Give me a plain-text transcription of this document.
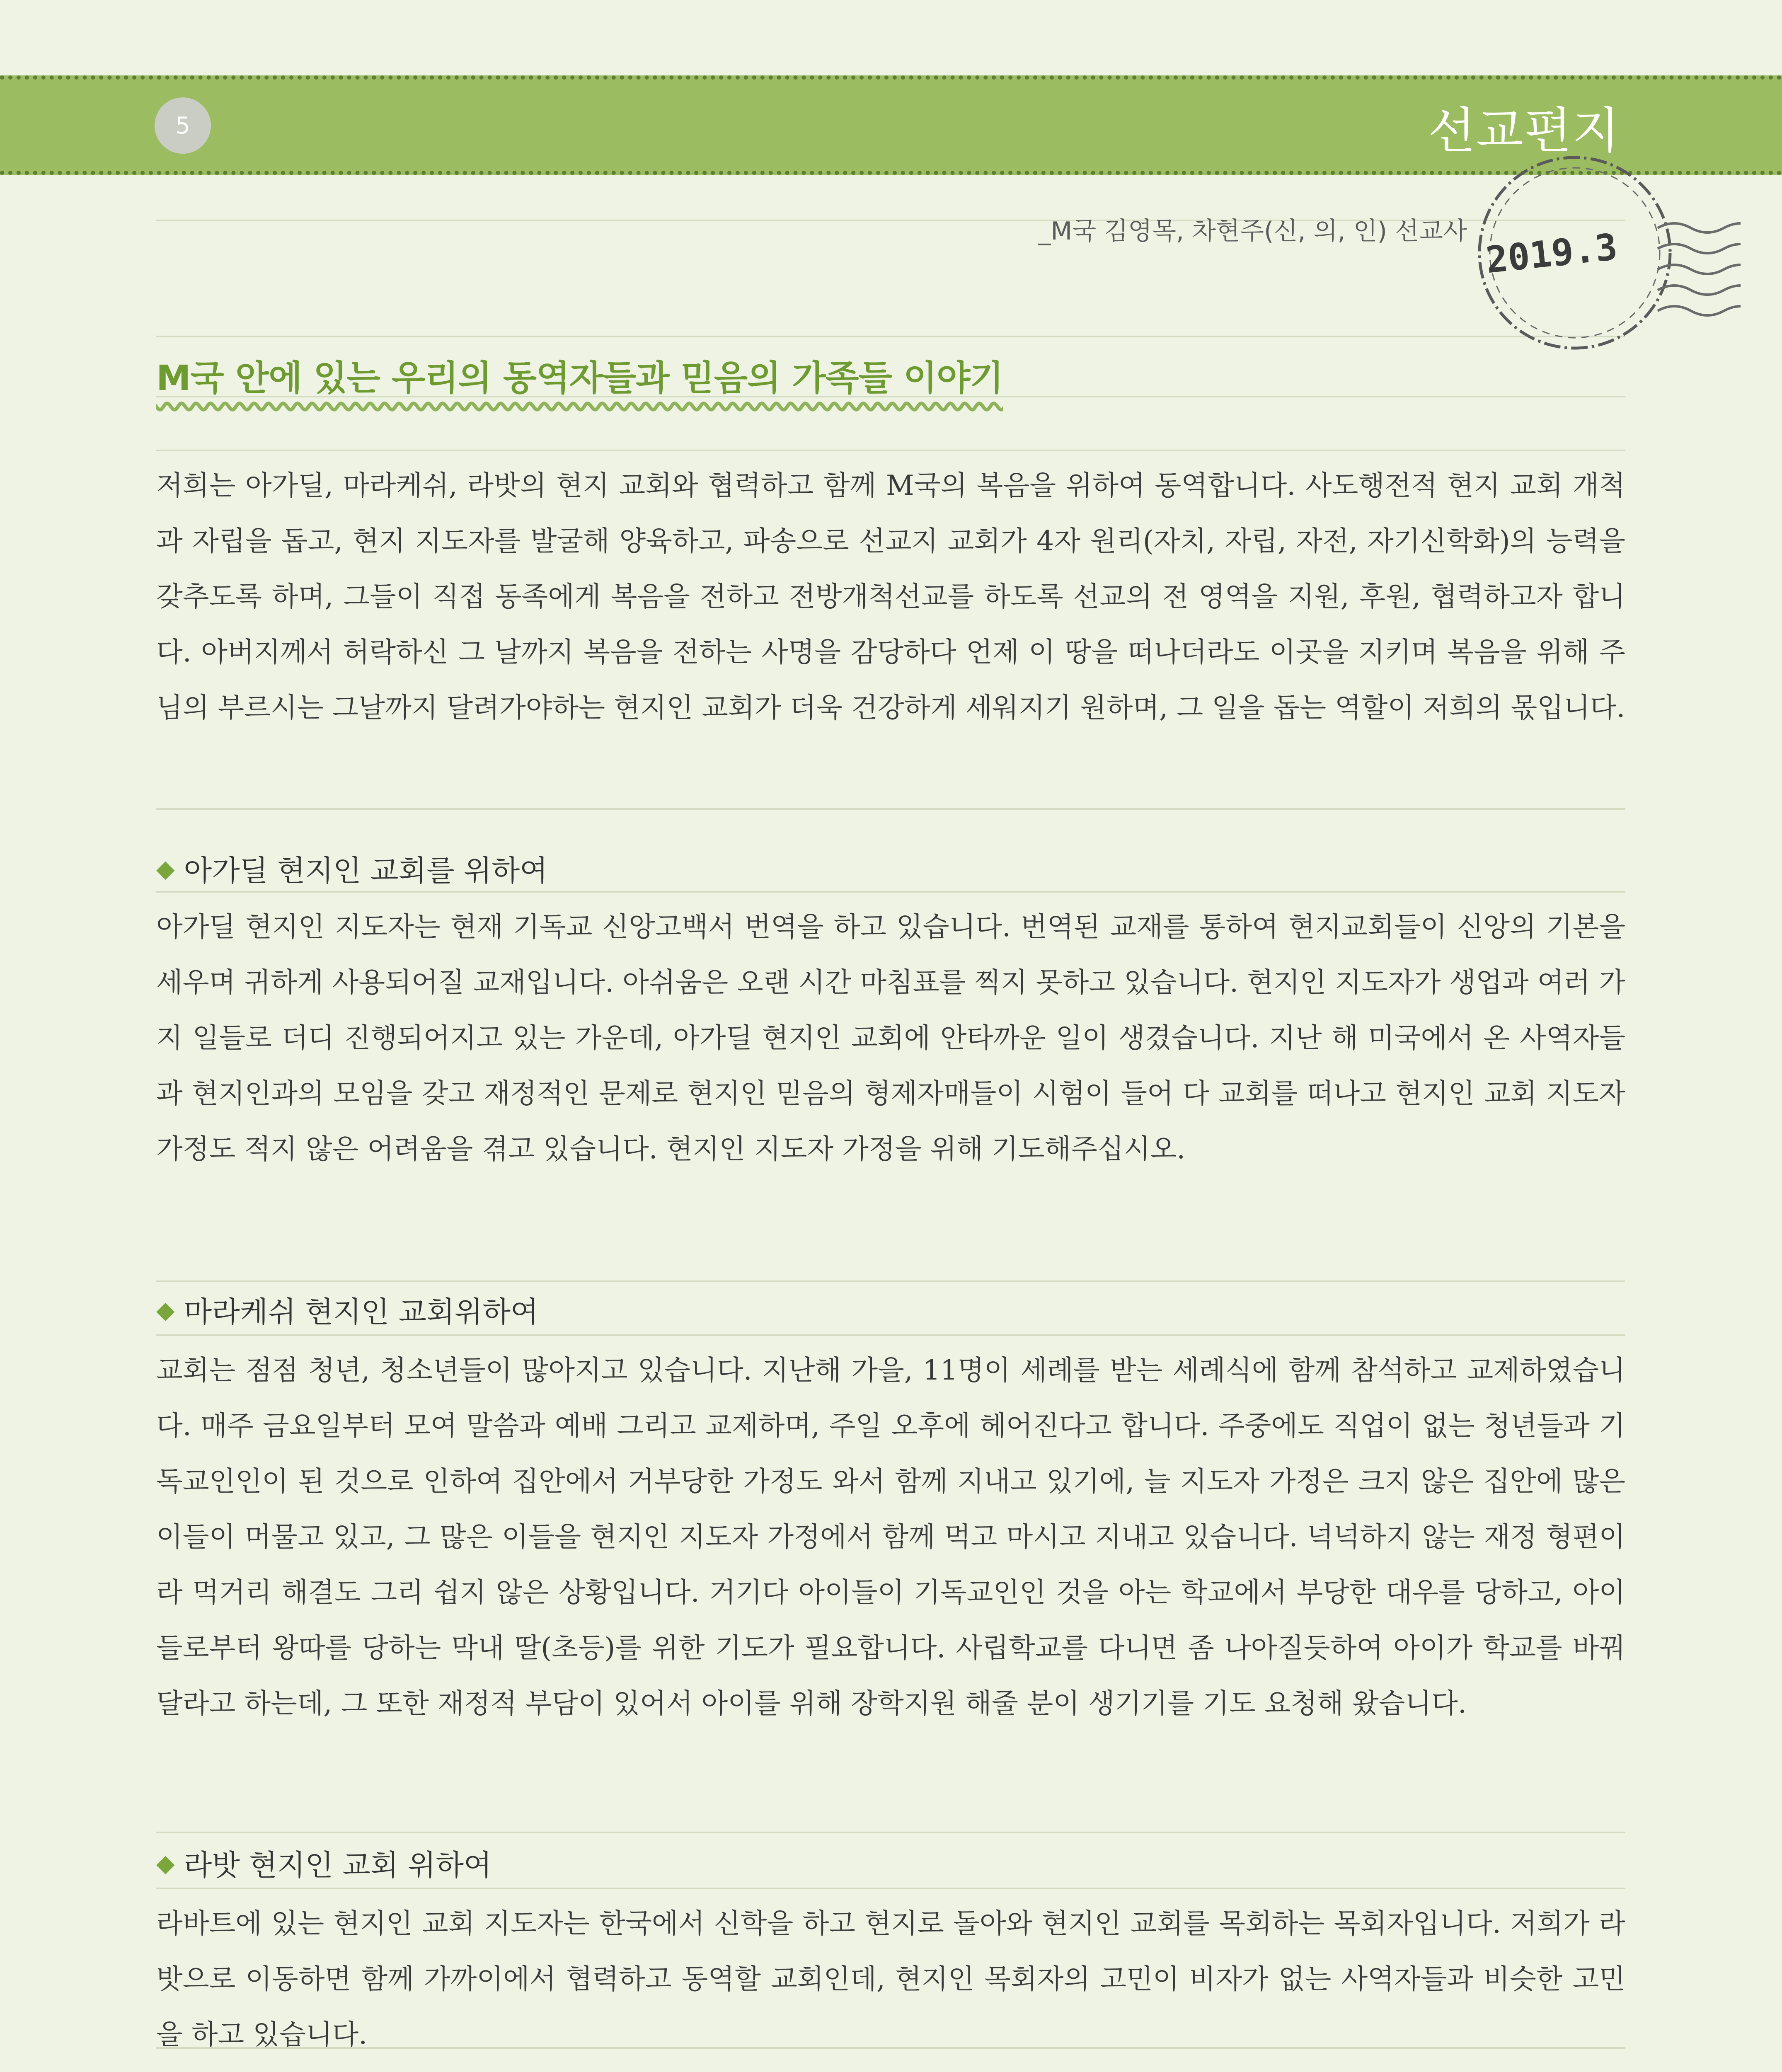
5	선교편지
2019.3
_M국 김영목, 차현주(신, 의, 인) 선교사
M국 안에 있는 우리의 동역자들과 믿음의 가족들 이야기
저희는 아가딜, 마라케쉬, 라밧의 현지 교회와 협력하고 함께 M국의 복음을 위하여 동역합니다. 사도행전적 현지 교회 개척과 자립을 돕고, 현지 지도자를 발굴해 양육하고, 파송으로 선교지 교회가 4자 원리(자치, 자립, 자전, 자기신학화)의 능력을 갖추도록 하며, 그들이 직접 동족에게 복음을 전하고 전방개척선교를 하도록 선교의 전 영역을 지원, 후원, 협력하고자 합니다. 아버지께서 허락하신 그 날까지 복음을 전하는 사명을 감당하다 언제 이 땅을 떠나더라도 이곳을 지키며 복음을 위해 주님의 부르시는 그날까지 달려가야하는 현지인 교회가 더욱 건강하게 세워지기 원하며, 그 일을 돕는 역할이 저희의 몫입니다.
◆ 아가딜 현지인 교회를 위하여
아가딜 현지인 지도자는 현재 기독교 신앙고백서 번역을 하고 있습니다. 번역된 교재를 통하여 현지교회들이 신앙의 기본을 세우며 귀하게 사용되어질 교재입니다. 아쉬움은 오랜 시간 마침표를 찍지 못하고 있습니다. 현지인 지도자가 생업과 여러 가지 일들로 더디 진행되어지고 있는 가운데, 아가딜 현지인 교회에 안타까운 일이 생겼습니다. 지난 해 미국에서 온 사역자들과 현지인과의 모임을 갖고 재정적인 문제로 현지인 믿음의 형제자매들이 시험이 들어 다 교회를 떠나고 현지인 교회 지도자 가정도 적지 않은 어려움을 겪고 있습니다. 현지인 지도자 가정을 위해 기도해주십시오.
◆ 마라케쉬 현지인 교회위하여
교회는 점점 청년, 청소년들이 많아지고 있습니다. 지난해 가을, 11명이 세례를 받는 세례식에 함께 참석하고 교제하였습니다. 매주 금요일부터 모여 말씀과 예배 그리고 교제하며, 주일 오후에 헤어진다고 합니다. 주중에도 직업이 없는 청년들과 기독교인인이 된 것으로 인하여 집안에서 거부당한 가정도 와서 함께 지내고 있기에, 늘 지도자 가정은 크지 않은 집안에 많은 이들이 머물고 있고, 그 많은 이들을 현지인 지도자 가정에서 함께 먹고 마시고 지내고 있습니다. 넉넉하지 않는 재정 형편이라 먹거리 해결도 그리 쉽지 않은 상황입니다. 거기다 아이들이 기독교인인 것을 아는 학교에서 부당한 대우를 당하고, 아이들로부터 왕따를 당하는 막내 딸(초등)를 위한 기도가 필요합니다. 사립학교를 다니면 좀 나아질듯하여 아이가 학교를 바꿔달라고 하는데, 그 또한 재정적 부담이 있어서 아이를 위해 장학지원 해줄 분이 생기기를 기도 요청해 왔습니다.
◆ 라밧 현지인 교회 위하여
라바트에 있는 현지인 교회 지도자는 한국에서 신학을 하고 현지로 돌아와 현지인 교회를 목회하는 목회자입니다. 저희가 라밧으로 이동하면 함께 가까이에서 협력하고 동역할 교회인데, 현지인 목회자의 고민이 비자가 없는 사역자들과 비슷한 고민을 하고 있습니다.
